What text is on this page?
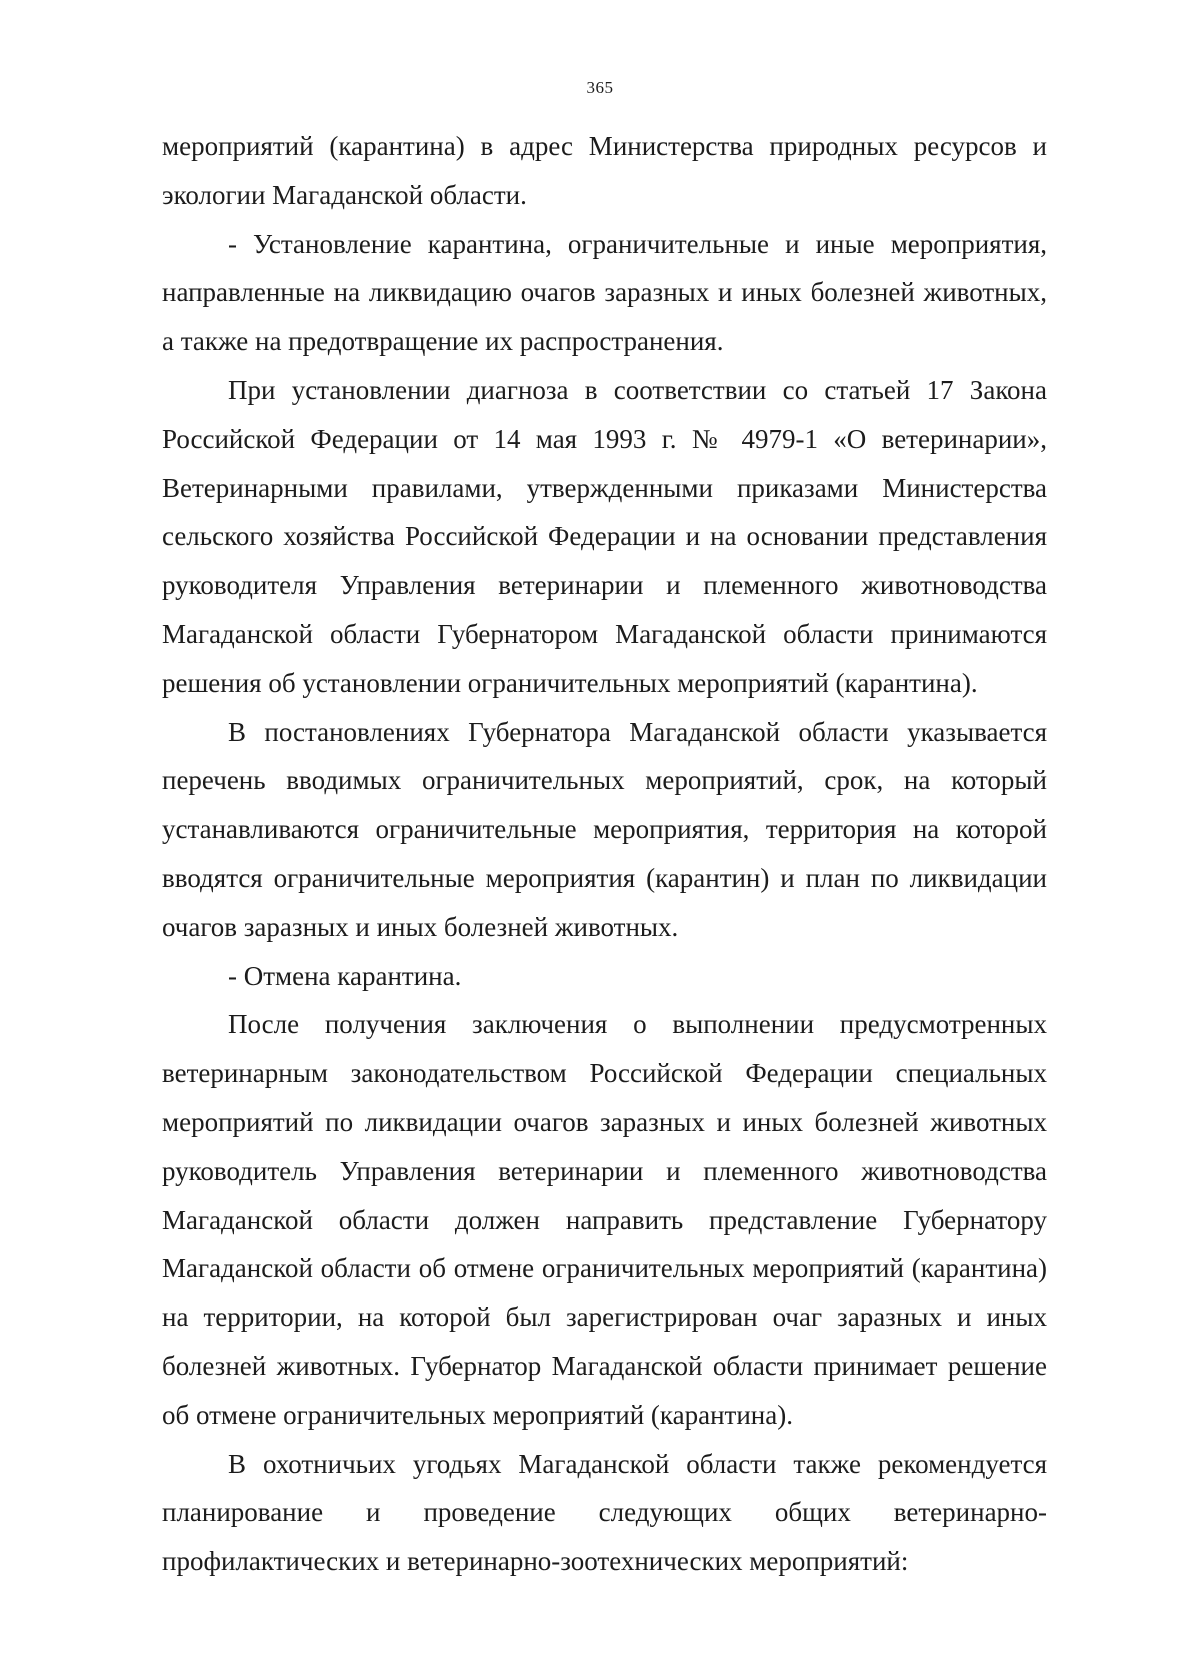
365

мероприятий (карантина) в адрес Министерства природных ресурсов и экологии Магаданской области.

- Установление карантина, ограничительные и иные мероприятия, направленные на ликвидацию очагов заразных и иных болезней животных, а также на предотвращение их распространения.

При установлении диагноза в соответствии со статьей 17 Закона Российской Федерации от 14 мая 1993 г. № 4979-1 «О ветеринарии», Ветеринарными правилами, утвержденными приказами Министерства сельского хозяйства Российской Федерации и на основании представления руководителя Управления ветеринарии и племенного животноводства Магаданской области Губернатором Магаданской области принимаются решения об установлении ограничительных мероприятий (карантина).

В постановлениях Губернатора Магаданской области указывается перечень вводимых ограничительных мероприятий, срок, на который устанавливаются ограничительные мероприятия, территория на которой вводятся ограничительные мероприятия (карантин) и план по ликвидации очагов заразных и иных болезней животных.

- Отмена карантина.

После получения заключения о выполнении предусмотренных ветеринарным законодательством Российской Федерации специальных мероприятий по ликвидации очагов заразных и иных болезней животных руководитель Управления ветеринарии и племенного животноводства Магаданской области должен направить представление Губернатору Магаданской области об отмене ограничительных мероприятий (карантина) на территории, на которой был зарегистрирован очаг заразных и иных болезней животных. Губернатор Магаданской области принимает решение об отмене ограничительных мероприятий (карантина).

В охотничьих угодьях Магаданской области также рекомендуется планирование и проведение следующих общих ветеринарно-профилактических и ветеринарно-зоотехнических мероприятий:
